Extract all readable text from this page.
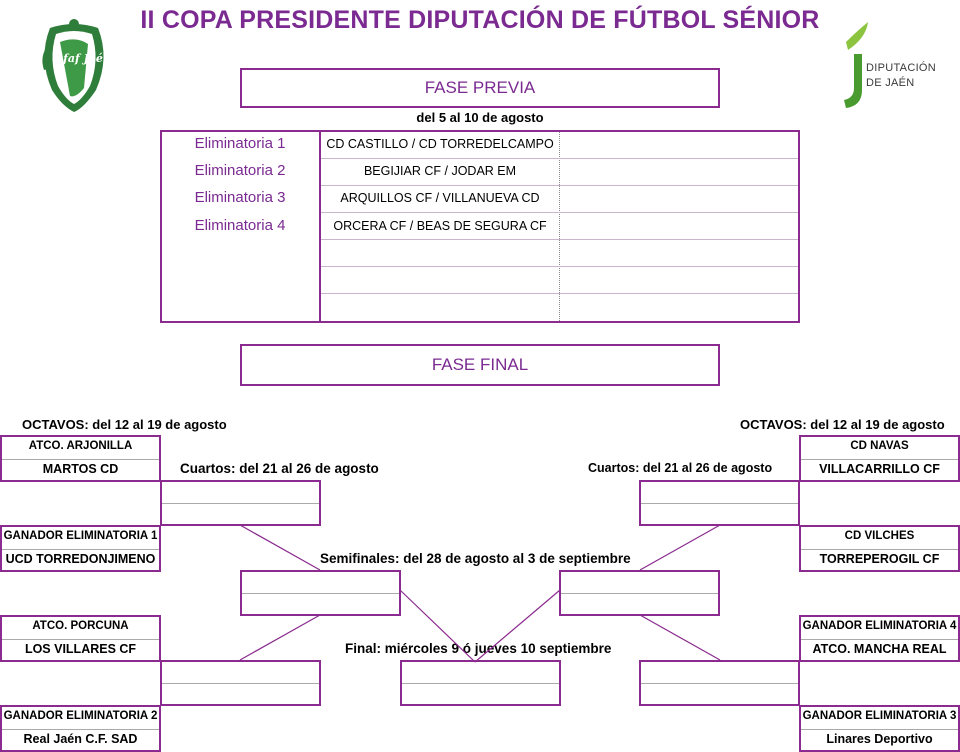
II COPA PRESIDENTE DIPUTACIÓN DE FÚTBOL SÉNIOR
Rfaf Jaén
DIPUTACIÓN
DE JAÉN
FASE PREVIA
del 5 al 10 de agosto
Eliminatoria 1
Eliminatoria 2
Eliminatoria 3
Eliminatoria 4
CD CASTILLO / CD TORREDELCAMPO
BEGIJIAR CF / JODAR EM
ARQUILLOS CF / VILLANUEVA CD
ORCERA CF / BEAS DE SEGURA CF
FASE FINAL
OCTAVOS: del 12 al 19 de agosto	OCTAVOS: del 12 al 19 de agosto
Cuartos: del 21 al 26 de agosto	Cuartos: del 21 al 26 de agosto
Semifinales: del 28 de agosto al 3 de septiembre
Final: miércoles 9 ó jueves 10 septiembre
ATCO. ARJONILLA
MARTOS CD
GANADOR ELIMINATORIA 1
UCD TORREDONJIMENO
ATCO. PORCUNA
LOS VILLARES CF
GANADOR ELIMINATORIA 2
Real Jaén C.F. SAD
CD NAVAS
VILLACARRILLO CF
CD VILCHES
TORREPEROGIL CF
GANADOR ELIMINATORIA 4
ATCO. MANCHA REAL
GANADOR ELIMINATORIA 3
Linares Deportivo
